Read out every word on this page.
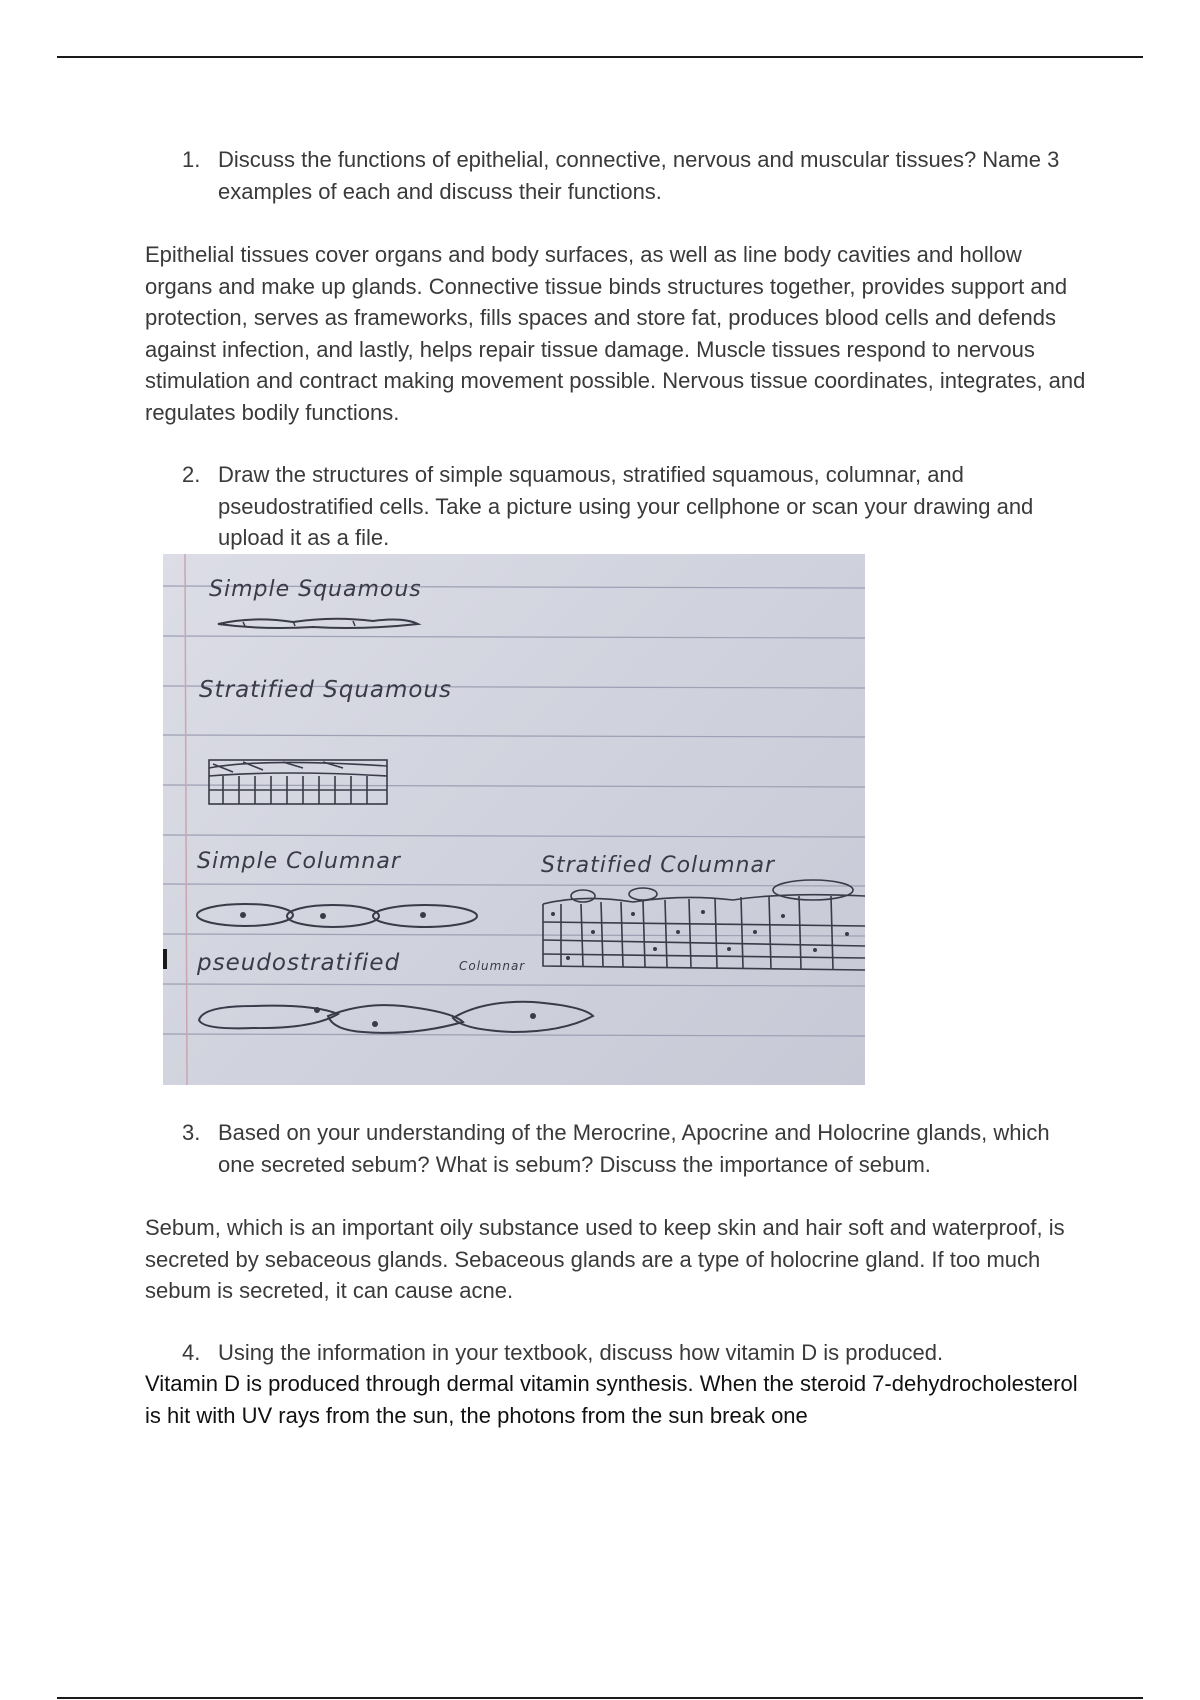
1. Discuss the functions of epithelial, connective, nervous and muscular tissues? Name 3 examples of each and discuss their functions.
Epithelial tissues cover organs and body surfaces, as well as line body cavities and hollow organs and make up glands. Connective tissue binds structures together, provides support and protection, serves as frameworks, fills spaces and store fat, produces blood cells and defends against infection, and lastly, helps repair tissue damage. Muscle tissues respond to nervous stimulation and contract making movement possible. Nervous tissue coordinates, integrates, and regulates bodily functions.
2. Draw the structures of simple squamous, stratified squamous, columnar, and pseudostratified cells. Take a picture using your cellphone or scan your drawing and upload it as a file.
Simple Squamous
Stratified Squamous
Simple Columnar	Stratified Columnar
pseudostratified	Columnar
3. Based on your understanding of the Merocrine, Apocrine and Holocrine glands, which one secreted sebum? What is sebum? Discuss the importance of sebum.
Sebum, which is an important oily substance used to keep skin and hair soft and waterproof, is secreted by sebaceous glands. Sebaceous glands are a type of holocrine gland. If too much sebum is secreted, it can cause acne.
4. Using the information in your textbook, discuss how vitamin D is produced.
Vitamin D is produced through dermal vitamin synthesis. When the steroid 7-dehydrocholesterol is hit with UV rays from the sun, the photons from the sun break one
